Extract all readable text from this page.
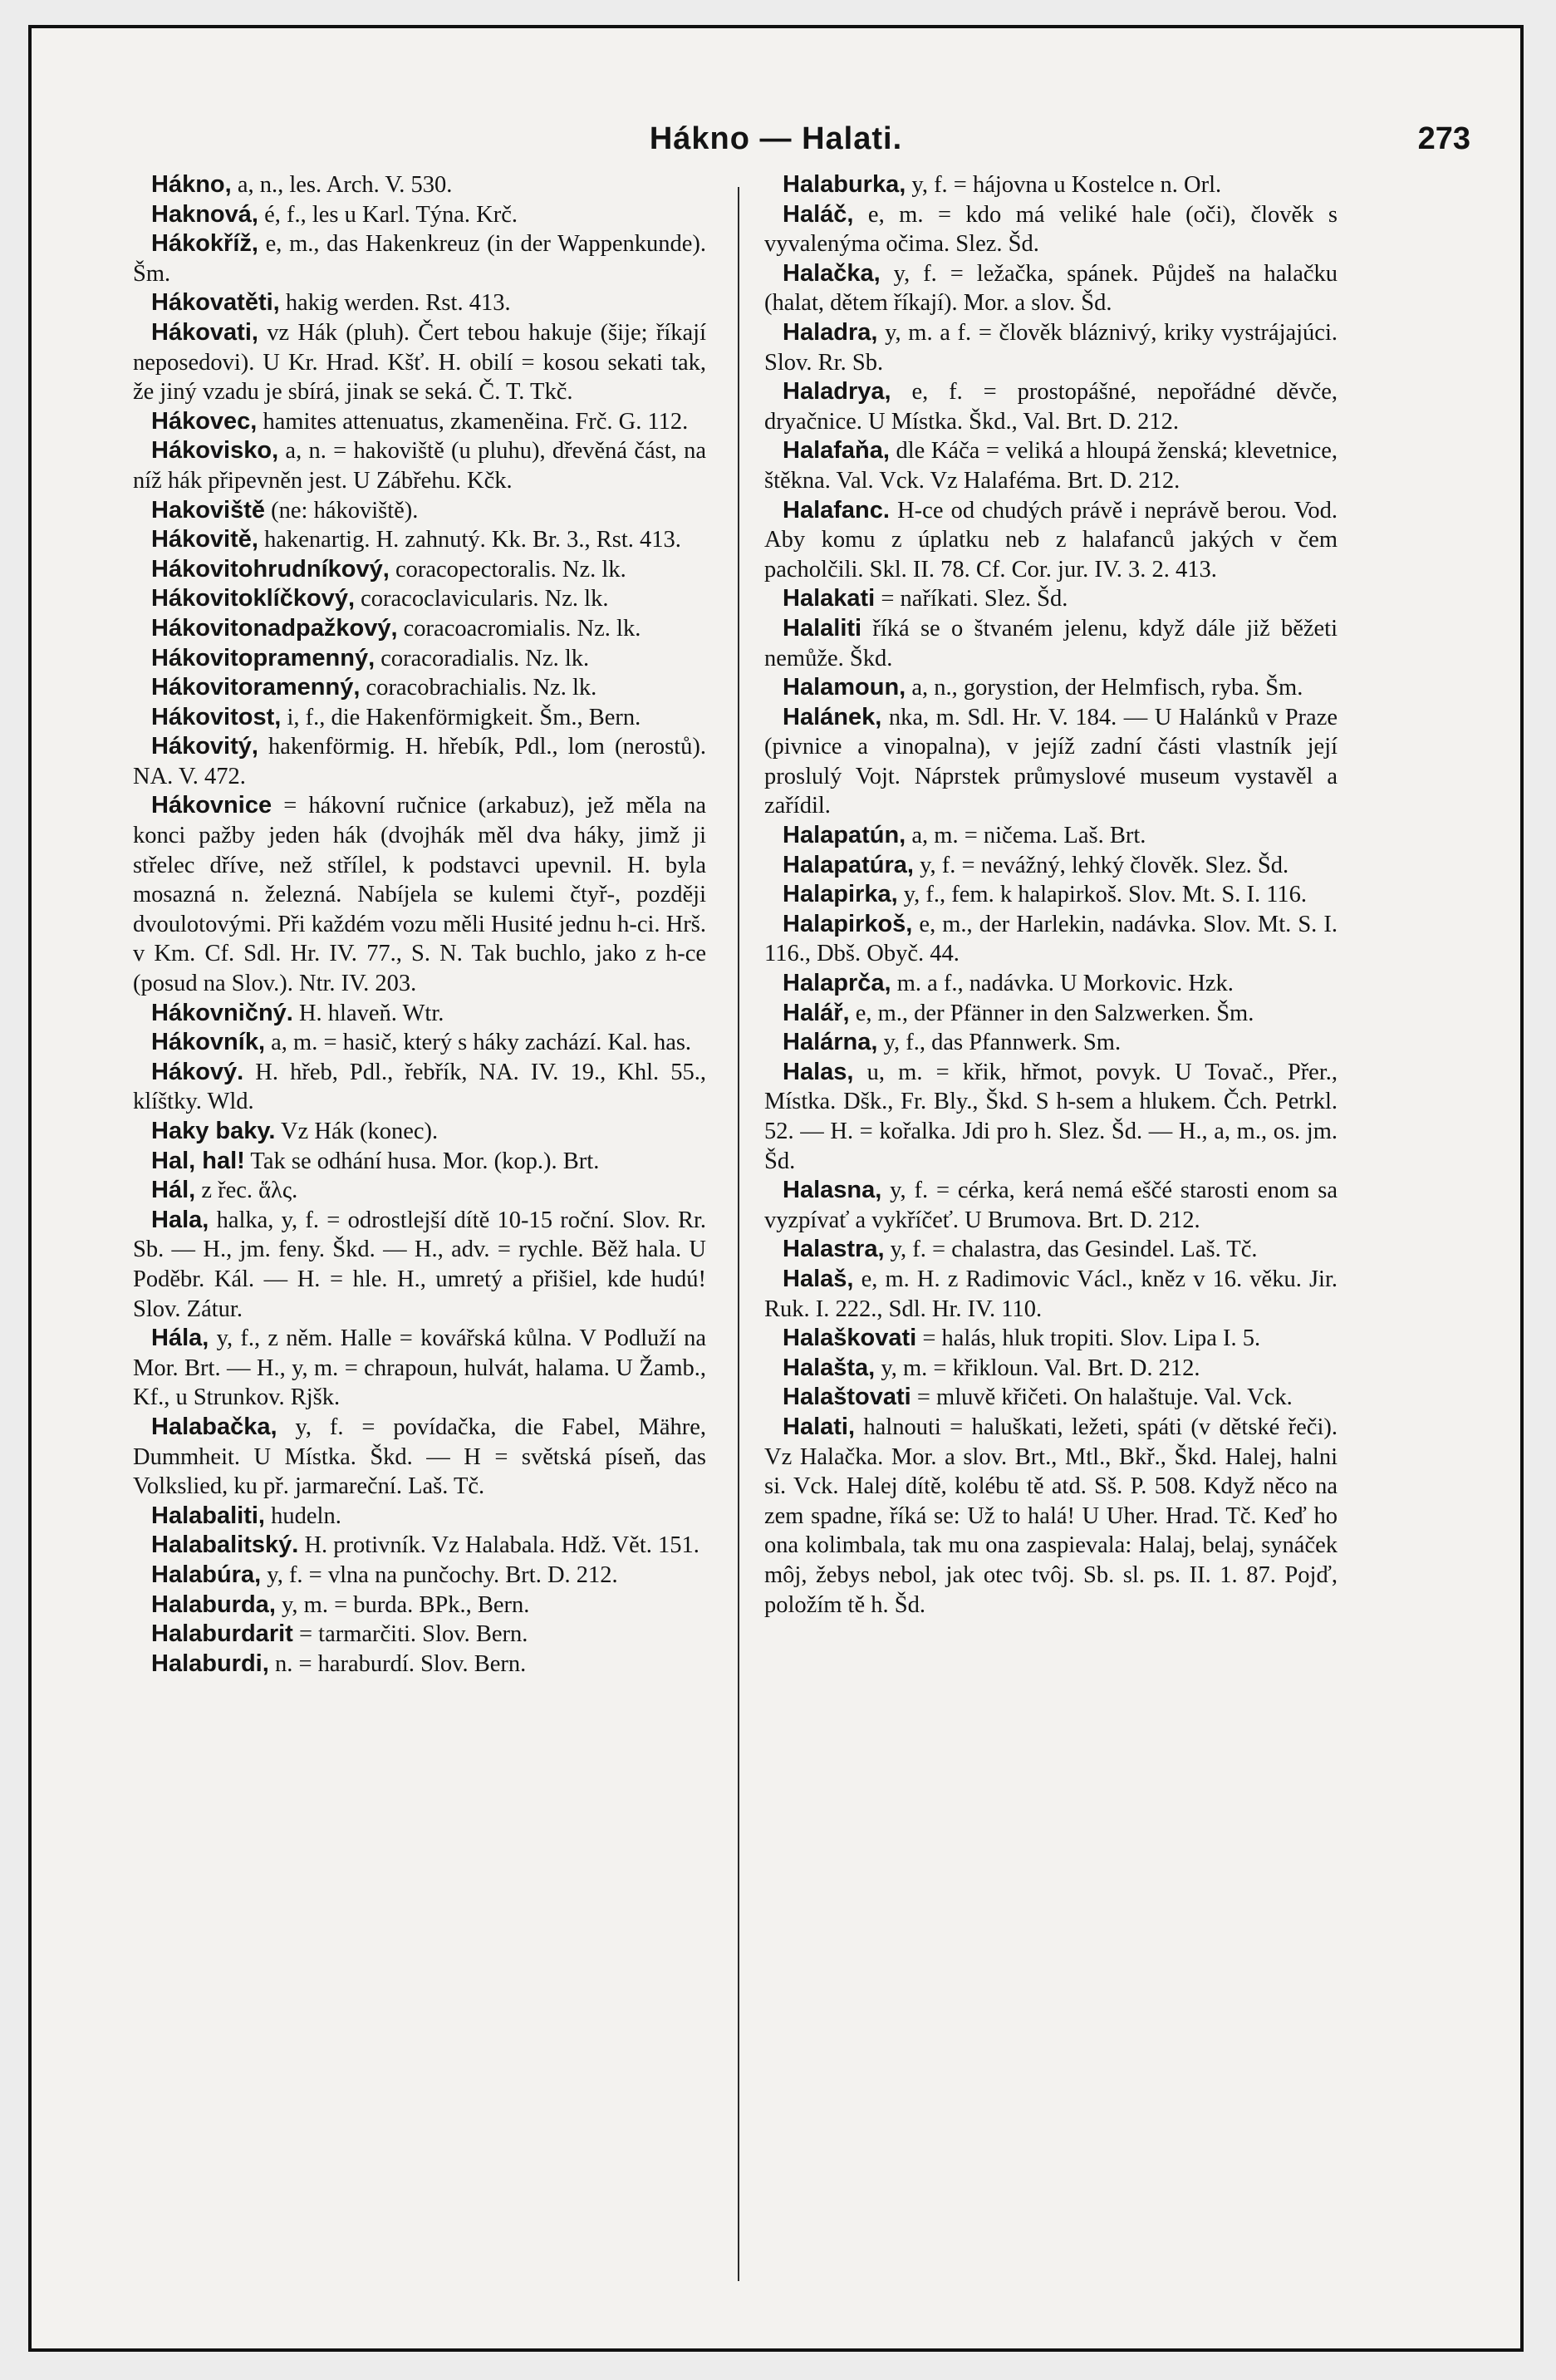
Hákno — Halati.	273

Hákno, a, n., les. Arch. V. 530.

Haknová, é, f., les u Karl. Týna. Krč.

Hákokříž, e, m., das Hakenkreuz (in der Wappenkunde). Šm.

Hákovatěti, hakig werden. Rst. 413.

Hákovati, vz Hák (pluh). Čert tebou hakuje (šije; říkají neposedovi). U Kr. Hrad. Kšť. H. obilí = kosou sekati tak, že jiný vzadu je sbírá, jinak se seká. Č. T. Tkč.

Hákovec, hamites attenuatus, zkameněina. Frč. G. 112.

Hákovisko, a, n. = hakoviště (u pluhu), dřevěná část, na níž hák připevněn jest. U Zábřehu. Kčk.

Hakoviště (ne: hákoviště).

Hákovitě, hakenartig. H. zahnutý. Kk. Br. 3., Rst. 413.

Hákovitohrudníkový, coracopectoralis. Nz. lk.

Hákovitoklíčkový, coracoclavicularis. Nz. lk.

Hákovitonadpažkový, coracoacromialis. Nz. lk.

Hákovitopramenný, coracoradialis. Nz. lk.

Hákovitoramenný, coracobrachialis. Nz. lk.

Hákovitost, i, f., die Hakenförmigkeit. Šm., Bern.

Hákovitý, hakenförmig. H. hřebík, Pdl., lom (nerostů). NA. V. 472.

Hákovnice = hákovní ručnice (arkabuz), jež měla na konci pažby jeden hák (dvojhák měl dva háky, jimž ji střelec dříve, než střílel, k podstavci upevnil. H. byla mosazná n. železná. Nabíjela se kulemi čtyř-, později dvoulotovými. Při každém vozu měli Husité jednu h-ci. Hrš. v Km. Cf. Sdl. Hr. IV. 77., S. N. Tak buchlo, jako z h-ce (posud na Slov.). Ntr. IV. 203.

Hákovničný. H. hlaveň. Wtr.

Hákovník, a, m. = hasič, který s háky zachází. Kal. has.

Hákový. H. hřeb, Pdl., řebřík, NA. IV. 19., Khl. 55., klíštky. Wld.

Haky baky. Vz Hák (konec).

Hal, hal! Tak se odhání husa. Mor. (kop.). Brt.

Hál, z řec. ἅλς.

Hala, halka, y, f. = odrostlejší dítě 10-15 roční. Slov. Rr. Sb. — H., jm. feny. Škd. — H., adv. = rychle. Běž hala. U Poděbr. Kál. — H. = hle. H., umretý a přišiel, kde hudú! Slov. Zátur.

Hála, y, f., z něm. Halle = kovářská kůlna. V Podluží na Mor. Brt. — H., y, m. = chrapoun, hulvát, halama. U Žamb., Kf., u Strunkov. Rjšk.

Halabačka, y, f. = povídačka, die Fabel, Mähre, Dummheit. U Místka. Škd. — H = světská píseň, das Volkslied, ku př. jarmareční. Laš. Tč.

Halabaliti, hudeln.

Halabalitský. H. protivník. Vz Halabala. Hdž. Vět. 151.

Halabúra, y, f. = vlna na punčochy. Brt. D. 212.

Halaburda, y, m. = burda. BPk., Bern.

Halaburdarit = tarmarčiti. Slov. Bern.

Halaburdi, n. = haraburdí. Slov. Bern.

Halaburka, y, f. = hájovna u Kostelce n. Orl.

Haláč, e, m. = kdo má veliké hale (oči), člověk s vyvalenýma očima. Slez. Šd.

Halačka, y, f. = ležačka, spánek. Půjdeš na halačku (halat, dětem říkají). Mor. a slov. Šd.

Haladra, y, m. a f. = člověk bláznivý, kriky vystrájajúci. Slov. Rr. Sb.

Haladrya, e, f. = prostopášné, nepořádné děvče, dryačnice. U Místka. Škd., Val. Brt. D. 212.

Halafaňa, dle Káča = veliká a hloupá ženská; klevetnice, štěkna. Val. Vck. Vz Halaféma. Brt. D. 212.

Halafanc. H-ce od chudých právě i neprávě berou. Vod. Aby komu z úplatku neb z halafanců jakých v čem pacholčili. Skl. II. 78. Cf. Cor. jur. IV. 3. 2. 413.

Halakati = naříkati. Slez. Šd.

Halaliti říká se o štvaném jelenu, když dále již běžeti nemůže. Škd.

Halamoun, a, n., gorystion, der Helmfisch, ryba. Šm.

Halánek, nka, m. Sdl. Hr. V. 184. — U Halánků v Praze (pivnice a vinopalna), v jejíž zadní části vlastník její proslulý Vojt. Náprstek průmyslové museum vystavěl a zařídil.

Halapatún, a, m. = ničema. Laš. Brt.

Halapatúra, y, f. = nevážný, lehký člověk. Slez. Šd.

Halapirka, y, f., fem. k halapirkoš. Slov. Mt. S. I. 116.

Halapirkoš, e, m., der Harlekin, nadávka. Slov. Mt. S. I. 116., Dbš. Obyč. 44.

Halaprča, m. a f., nadávka. U Morkovic. Hzk.

Halář, e, m., der Pfänner in den Salzwerken. Šm.

Halárna, y, f., das Pfannwerk. Sm.

Halas, u, m. = křik, hřmot, povyk. U Tovač., Přer., Místka. Dšk., Fr. Bly., Škd. S h-sem a hlukem. Čch. Petrkl. 52. — H. = kořalka. Jdi pro h. Slez. Šd. — H., a, m., os. jm. Šd.

Halasna, y, f. = cérka, kerá nemá eščé starosti enom sa vyzpívať a vykříčeť. U Brumova. Brt. D. 212.

Halastra, y, f. = chalastra, das Gesindel. Laš. Tč.

Halaš, e, m. H. z Radimovic Václ., kněz v 16. věku. Jir. Ruk. I. 222., Sdl. Hr. IV. 110.

Halaškovati = halás, hluk tropiti. Slov. Lipa I. 5.

Halašta, y, m. = křikloun. Val. Brt. D. 212.

Halaštovati = mluvě křičeti. On halaštuje. Val. Vck.

Halati, halnouti = haluškati, ležeti, spáti (v dětské řeči). Vz Halačka. Mor. a slov. Brt., Mtl., Bkř., Škd. Halej, halni si. Vck. Halej dítě, kolébu tě atd. Sš. P. 508. Když něco na zem spadne, říká se: Už to halá! U Uher. Hrad. Tč. Keď ho ona kolimbala, tak mu ona zaspievala: Halaj, belaj, synáček môj, žebys nebol, jak otec tvôj. Sb. sl. ps. II. 1. 87. Pojď, položím tě h. Šd.
